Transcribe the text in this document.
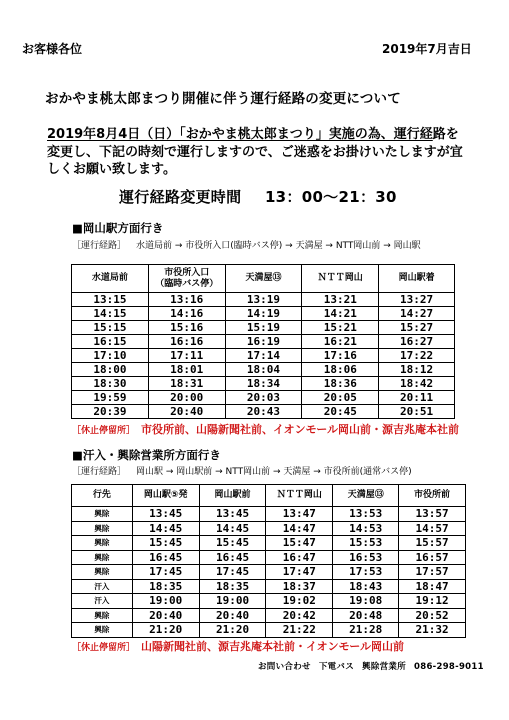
お客様各位	2019年7月吉日
おかやま桃太郎まつり開催に伴う運行経路の変更について
2019年8月4日（日）「おかやま桃太郎まつり」実施の為、運行経路を変更し、下記の時刻で運行しますので、ご迷惑をお掛けいたしますが宜しくお願い致します。
運行経路変更時間 13：00〜21：30
■岡山駅方面行き
［運行経路］ 水道局前 → 市役所入口(臨時バス停) → 天満屋 → NTT岡山前 → 岡山駅
水道局前	市役所入口
（臨時バス停）	天満屋⑬	ＮＴＴ岡山	岡山駅着
13:15	13:16	13:19	13:21	13:27
14:15	14:16	14:19	14:21	14:27
15:15	15:16	15:19	15:21	15:27
16:15	16:16	16:19	16:21	16:27
17:10	17:11	17:14	17:16	17:22
18:00	18:01	18:04	18:06	18:12
18:30	18:31	18:34	18:36	18:42
19:59	20:00	20:03	20:05	20:11
20:39	20:40	20:43	20:45	20:51
［休止停留所］ 市役所前、山陽新聞社前、イオンモール岡山前・源吉兆庵本社前
■汗入・興除営業所方面行き
［運行経路］ 岡山駅 → 岡山駅前 → NTT岡山前 → 天満屋 → 市役所前(通常バス停)
行先	岡山駅⑤発	岡山駅前	ＮＴＴ岡山	天満屋⑬	市役所前
興除	13:45	13:45	13:47	13:53	13:57
興除	14:45	14:45	14:47	14:53	14:57
興除	15:45	15:45	15:47	15:53	15:57
興除	16:45	16:45	16:47	16:53	16:57
興除	17:45	17:45	17:47	17:53	17:57
汗入	18:35	18:35	18:37	18:43	18:47
汗入	19:00	19:00	19:02	19:08	19:12
興除	20:40	20:40	20:42	20:48	20:52
興除	21:20	21:20	21:22	21:28	21:32
［休止停留所］ 山陽新聞社前、源吉兆庵本社前・イオンモール岡山前
お問い合わせ 下電バス 興除営業所 086-298-9011
